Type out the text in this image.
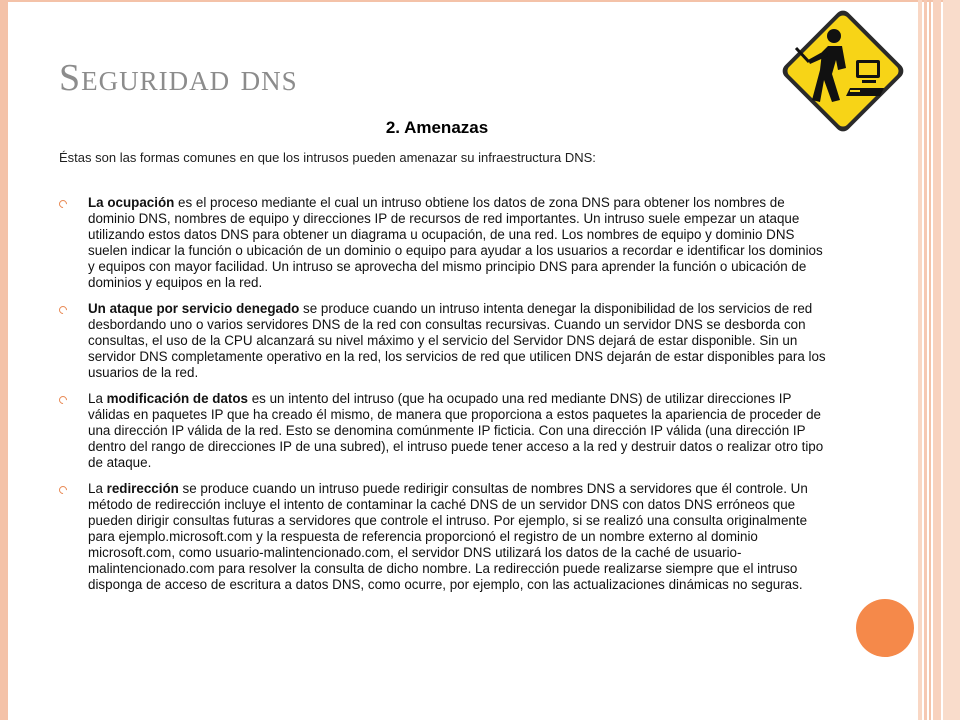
Seguridad dns
2. Amenazas
Éstas son las formas comunes en que los intrusos pueden amenazar su infraestructura DNS:
La ocupación es el proceso mediante el cual un intruso obtiene los datos de zona DNS para obtener los nombres de dominio DNS, nombres de equipo y direcciones IP de recursos de red importantes. Un intruso suele empezar un ataque utilizando estos datos DNS para obtener un diagrama u ocupación, de una red. Los nombres de equipo y dominio DNS suelen indicar la función o ubicación de un dominio o equipo para ayudar a los usuarios a recordar e identificar los dominios y equipos con mayor facilidad. Un intruso se aprovecha del mismo principio DNS para aprender la función o ubicación de dominios y equipos en la red.
Un ataque por servicio denegado se produce cuando un intruso intenta denegar la disponibilidad de los servicios de red desbordando uno o varios servidores DNS de la red con consultas recursivas. Cuando un servidor DNS se desborda con consultas, el uso de la CPU alcanzará su nivel máximo y el servicio del Servidor DNS dejará de estar disponible. Sin un servidor DNS completamente operativo en la red, los servicios de red que utilicen DNS dejarán de estar disponibles para los usuarios de la red.
La modificación de datos es un intento del intruso (que ha ocupado una red mediante DNS) de utilizar direcciones IP válidas en paquetes IP que ha creado él mismo, de manera que proporciona a estos paquetes la apariencia de proceder de una dirección IP válida de la red. Esto se denomina comúnmente IP ficticia. Con una dirección IP válida (una dirección IP dentro del rango de direcciones IP de una subred), el intruso puede tener acceso a la red y destruir datos o realizar otro tipo de ataque.
La redirección se produce cuando un intruso puede redirigir consultas de nombres DNS a servidores que él controle. Un método de redirección incluye el intento de contaminar la caché DNS de un servidor DNS con datos DNS erróneos que pueden dirigir consultas futuras a servidores que controle el intruso. Por ejemplo, si se realizó una consulta originalmente para ejemplo.microsoft.com y la respuesta de referencia proporcionó el registro de un nombre externo al dominio microsoft.com, como usuario-malintencionado.com, el servidor DNS utilizará los datos de la caché de usuario-malintencionado.com para resolver la consulta de dicho nombre. La redirección puede realizarse siempre que el intruso disponga de acceso de escritura a datos DNS, como ocurre, por ejemplo, con las actualizaciones dinámicas no seguras.
